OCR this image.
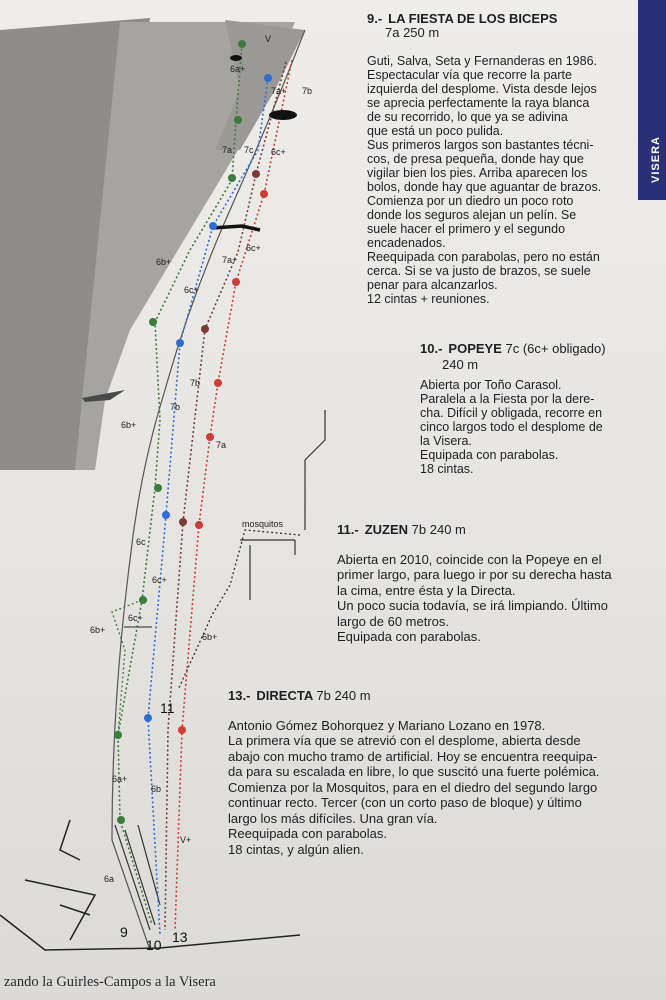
V
6a+
7a+ 7b
7a 7c 6c+
6c+
7a+
6b+
6c+
7b
7b
6b+
7a
6c
6c+
6c+
6b+
6b+
6b
6a+
V+
6a
mosquitos
9
10 13
11
VISERA

9.- LA FIESTA DE LOS BICEPS

7a 250 m

Guti, Salva, Seta y Fernanderas en 1986.

Espectacular vía que recorre la parte

izquierda del desplome. Vista desde lejos

se aprecia perfectamente la raya blanca

de su recorrido, lo que ya se adivina

que está un poco pulida.

Sus primeros largos son bastantes técni-

cos, de presa pequeña, donde hay que

vigilar bien los pies. Arriba aparecen los

bolos, donde hay que aguantar de brazos.

Comienza por un diedro un poco roto

donde los seguros alejan un pelín. Se

suele hacer el primero y el segundo

encadenados.

Reequipada con parabolas, pero no están

cerca. Si se va justo de brazos, se suele

penar para alcanzarlos.

12 cintas + reuniones.

10.- POPEYE 7c (6c+ obligado)

240 m

Abierta por Toño Carasol.

Paralela a la Fiesta por la dere-

cha. Difícil y obligada, recorre en

cinco largos todo el desplome de

la Visera.

Equipada con parabolas.

18 cintas.

11.- ZUZEN 7b 240 m

Abierta en 2010, coincide con la Popeye en el

primer largo, para luego ir por su derecha hasta

la cima, entre ésta y la Directa.

Un poco sucia todavía, se irá limpiando. Último

largo de 60 metros.

Equipada con parabolas.

13.- DIRECTA 7b 240 m

Antonio Gómez Bohorquez y Mariano Lozano en 1978.

La primera vía que se atrevió con el desplome, abierta desde

abajo con mucho tramo de artificial. Hoy se encuentra reequipa-

da para su escalada en libre, lo que suscitó una fuerte polémica.

Comienza por la Mosquitos, para en el diedro del segundo largo

continuar recto. Tercer (con un corto paso de bloque) y último

largo los más difíciles. Una gran vía.

Reequipada con parabolas.

18 cintas, y algún alien.

zando la Guirles-Campos a la Visera
